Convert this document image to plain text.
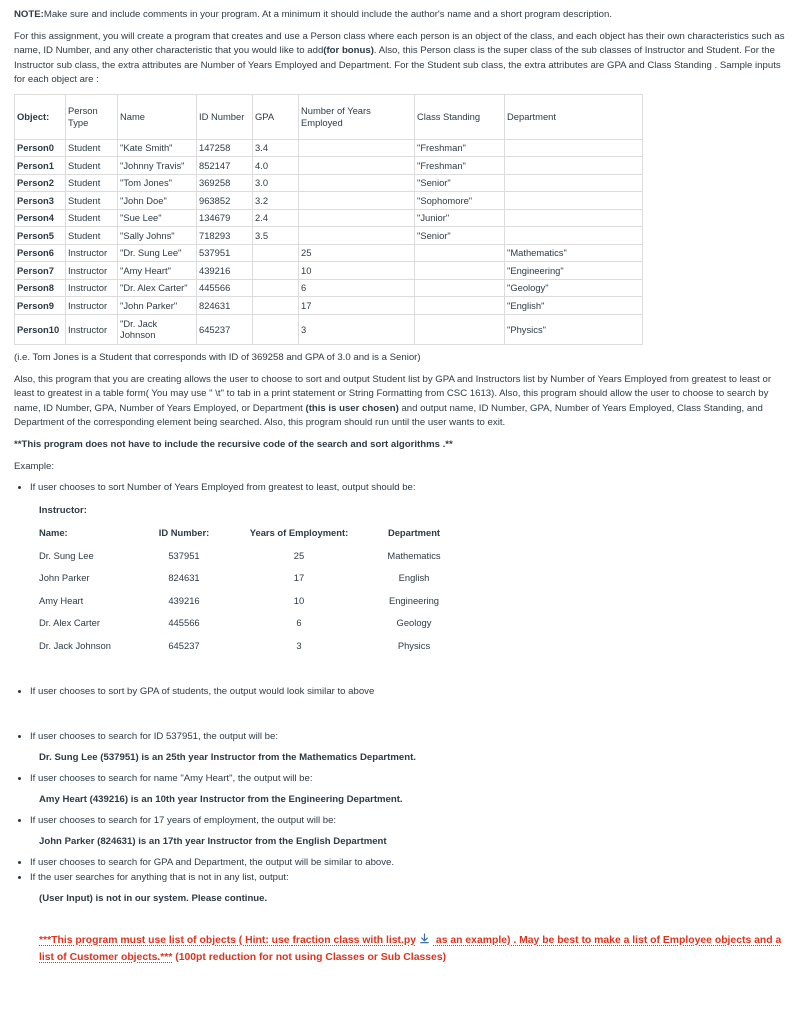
NOTE:Make sure and include comments in your program. At a minimum it should include the author's name and a short program description.

For this assignment, you will create a program that creates and use a Person class where each person is an object of the class, and each object has their own characteristics such as name, ID Number, and any other characteristic that you would like to add(for bonus). Also, this Person class is the super class of the sub classes of Instructor and Student. For the Instructor sub class, the extra attributes are Number of Years Employed and Department. For the Student sub class, the extra attributes are GPA and Class Standing . Sample inputs for each object are :

Object:	Person Type	Name	ID Number	GPA	Number of Years Employed	Class Standing	Department
Person0	Student	"Kate Smith"	147258	3.4		"Freshman"	
Person1	Student	"Johnny Travis"	852147	4.0		"Freshman"	
Person2	Student	"Tom Jones"	369258	3.0		"Senior"	
Person3	Student	"John Doe"	963852	3.2		"Sophomore"	
Person4	Student	"Sue Lee"	134679	2.4		"Junior"	
Person5	Student	"Sally Johns"	718293	3.5		"Senior"	
Person6	Instructor	"Dr. Sung Lee"	537951		25		"Mathematics"
Person7	Instructor	"Amy Heart"	439216		10		"Engineering"
Person8	Instructor	"Dr. Alex Carter"	445566		6		"Geology"
Person9	Instructor	"John Parker"	824631		17		"English"
Person10	Instructor	"Dr. Jack Johnson	645237		3		"Physics"

(i.e. Tom Jones is a Student that corresponds with ID of 369258 and GPA of 3.0 and is a Senior)

Also, this program that you are creating allows the user to choose to sort and output Student list by GPA and Instructors list by Number of Years Employed from greatest to least or least to greatest in a table form( You may use " \t" to tab in a print statement or String Formatting from CSC 1613). Also, this program should allow the user to choose to search by name, ID Number, GPA, Number of Years Employed, or Department (this is user chosen) and output name, ID Number, GPA, Number of Years Employed, Class Standing, and Department of the corresponding element being searched. Also, this program should run until the user wants to exit.

**This program does not have to include the recursive code of the search and sort algorithms .**

Example:

• If user chooses to sort Number of Years Employed from greatest to least, output should be:
Instructor:
Name:	ID Number:	Years of Employment:	Department
Dr. Sung Lee	537951	25	Mathematics
John Parker	824631	17	English
Amy Heart	439216	10	Engineering
Dr. Alex Carter	445566	6	Geology
Dr. Jack Johnson	645237	3	Physics
• If user chooses to sort by GPA of students, the output would look similar to above
• If user chooses to search for ID 537951, the output will be:

Dr. Sung Lee (537951) is an 25th year Instructor from the Mathematics Department.

• If user chooses to search for name "Amy Heart", the output will be:

Amy Heart (439216) is an 10th year Instructor from the Engineering Department.

• If user chooses to search for 17 years of employment, the output will be:

John Parker (824631) is an 17th year Instructor from the English Department

• If user chooses to search for GPA and Department, the output will be similar to above.
• If the user searches for anything that is not in any list, output:

(User Input) is not in our system. Please continue.

***This program must use list of objects ( Hint: use fraction class with list.py as an example) . May be best to make a list of Employee objects and a list of Customer objects.*** (100pt reduction for not using Classes or Sub Classes)
